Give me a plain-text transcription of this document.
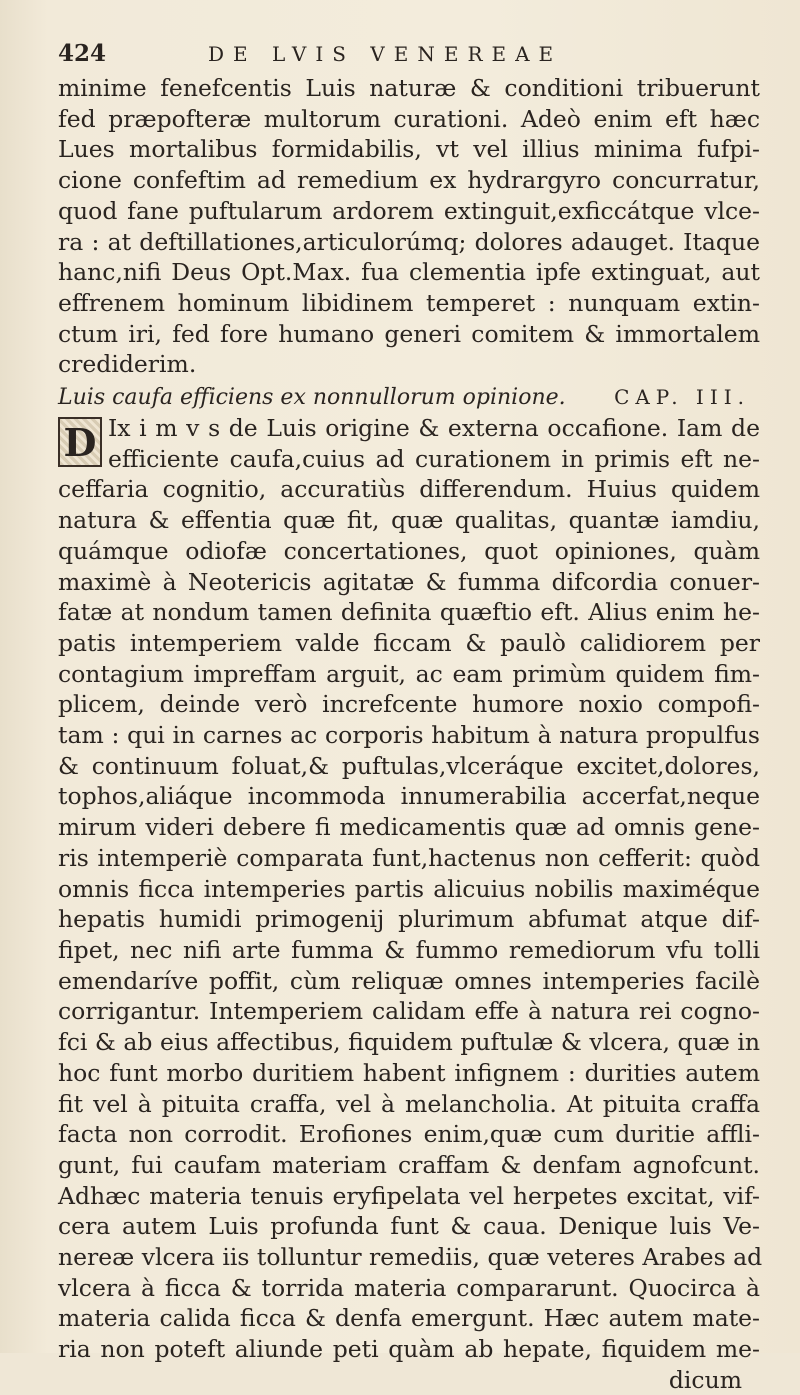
424	DE LVIS VENEREAE
minime fenefcentis Luis naturæ & conditioni tribuerunt
fed præpofteræ multorum curationi. Adeò enim eft hæc
Lues mortalibus formidabilis, vt vel illius minima fufpi-
cione confeftim ad remedium ex hydrargyro concurratur,
quod fane puftularum ardorem extinguit,exficcátque vlce-
ra : at deftillationes,articulorúmq; dolores adauget. Itaque
hanc,nifi Deus Opt.Max. fua clementia ipfe extinguat, aut
effrenem hominum libidinem temperet : nunquam extin-
ctum iri, fed fore humano generi comitem & immortalem
crediderim.
Luis caufa efficiens ex nonnullorum opinione. CAP. III.
D Ix i m v s de Luis origine & externa occafione. Iam de
efficiente caufa,cuius ad curationem in primis eft ne-
ceffaria cognitio, accuratiùs differendum. Huius quidem
natura & effentia quæ fit, quæ qualitas, quantæ iamdiu,
quámque odiofæ concertationes, quot opiniones, quàm
maximè à Neotericis agitatæ & fumma difcordia conuer-
fatæ at nondum tamen definita quæftio eft. Alius enim he-
patis intemperiem valde ficcam & paulò calidiorem per
contagium impreffam arguit, ac eam primùm quidem fim-
plicem, deinde verò increfcente humore noxio compofi-
tam : qui in carnes ac corporis habitum à natura propulfus
& continuum foluat,& puftulas,vlceráque excitet,dolores,
tophos,aliáque incommoda innumerabilia accerfat,neque
mirum videri debere fi medicamentis quæ ad omnis gene-
ris intemperiè comparata funt,hactenus non cefferit: quòd
omnis ficca intemperies partis alicuius nobilis maximéque
hepatis humidi primogenij plurimum abfumat atque dif-
fipet, nec nifi arte fumma & fummo remediorum vfu tolli
emendaríve poffit, cùm reliquæ omnes intemperies facilè
corrigantur. Intemperiem calidam effe à natura rei cogno-
fci & ab eius affectibus, fiquidem puftulæ & vlcera, quæ in
hoc funt morbo duritiem habent infignem : durities autem
fit vel à pituita craffa, vel à melancholia. At pituita craffa
facta non corrodit. Erofiones enim,quæ cum duritie affli-
gunt, fui caufam materiam craffam & denfam agnofcunt.
Adhæc materia tenuis eryfipelata vel herpetes excitat, vif-
cera autem Luis profunda funt & caua. Denique luis Ve-
nereæ vlcera iis tolluntur remediis, quæ veteres Arabes ad
vlcera à ficca & torrida materia compararunt. Quocirca à
materia calida ficca & denfa emergunt. Hæc autem mate-
ria non poteft aliunde peti quàm ab hepate, fiquidem me-
dicum
